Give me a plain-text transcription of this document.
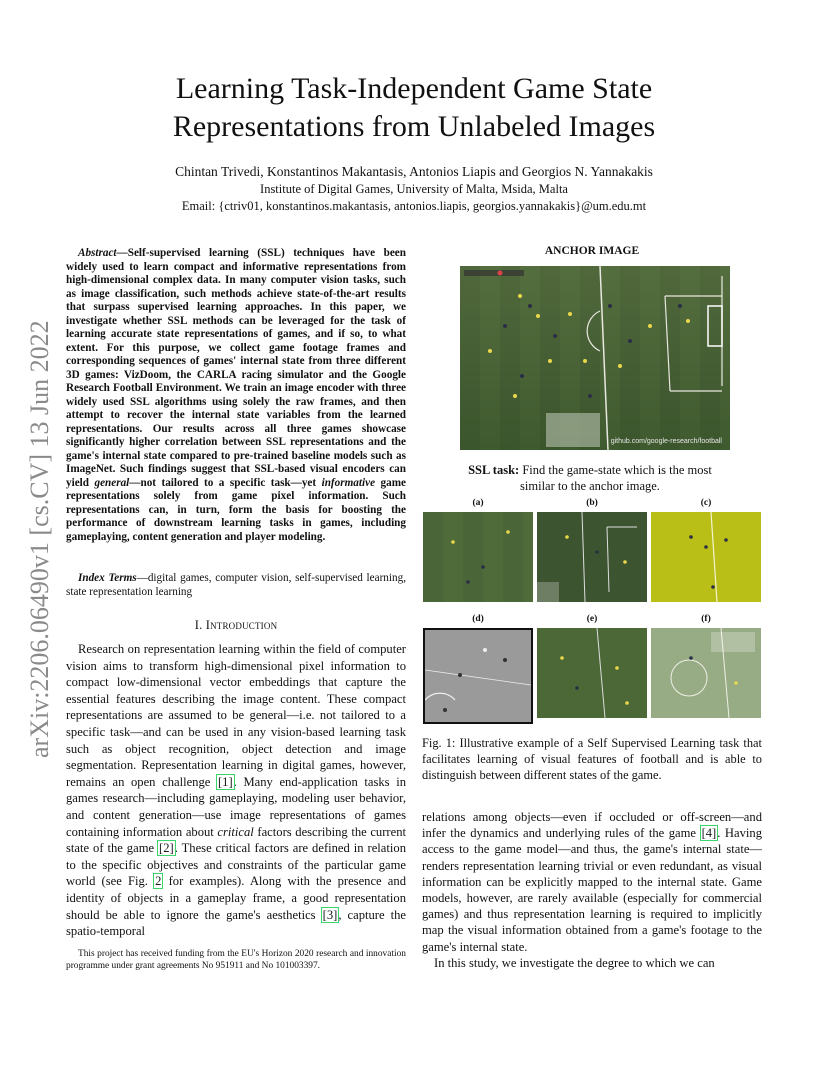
arXiv:2206.06490v1 [cs.CV] 13 Jun 2022
Learning Task-Independent Game State Representations from Unlabeled Images
Chintan Trivedi, Konstantinos Makantasis, Antonios Liapis and Georgios N. Yannakakis
Institute of Digital Games, University of Malta, Msida, Malta
Email: {ctriv01, konstantinos.makantasis, antonios.liapis, georgios.yannakakis}@um.edu.mt
Abstract—Self-supervised learning (SSL) techniques have been widely used to learn compact and informative representations from high-dimensional complex data. In many computer vision tasks, such as image classification, such methods achieve state-of-the-art results that surpass supervised learning approaches. In this paper, we investigate whether SSL methods can be leveraged for the task of learning accurate state representations of games, and if so, to what extent. For this purpose, we collect game footage frames and corresponding sequences of games' internal state from three different 3D games: VizDoom, the CARLA racing simulator and the Google Research Football Environment. We train an image encoder with three widely used SSL algorithms using solely the raw frames, and then attempt to recover the internal state variables from the learned representations. Our results across all three games showcase significantly higher correlation between SSL representations and the game's internal state compared to pre-trained baseline models such as ImageNet. Such findings suggest that SSL-based visual encoders can yield general—not tailored to a specific task—yet informative game representations solely from game pixel information. Such representations can, in turn, form the basis for boosting the performance of downstream learning tasks in games, including gameplaying, content generation and player modeling.
Index Terms—digital games, computer vision, self-supervised learning, state representation learning
I. Introduction
Research on representation learning within the field of computer vision aims to transform high-dimensional pixel information to compact low-dimensional vector embeddings that capture the essential features describing the image content. These compact representations are assumed to be general—i.e. not tailored to a specific task—and can be used in any vision-based learning task such as object recognition, object detection and image segmentation. Representation learning in digital games, however, remains an open challenge [1]. Many end-application tasks in games research—including gameplaying, modeling user behavior, and content generation—use image representations of games containing information about critical factors describing the current state of the game [2]. These critical factors are defined in relation to the specific objectives and constraints of the particular game world (see Fig. 2 for examples). Along with the presence and identity of objects in a gameplay frame, a good representation should be able to ignore the game's aesthetics [3], capture the spatio-temporal
This project has received funding from the EU's Horizon 2020 research and innovation programme under grant agreements No 951911 and No 101003397.
ANCHOR IMAGE
github.com/google-research/football
SSL task: Find the game-state which is the most similar to the anchor image.
(a)	(b)	(c)
(d)	(e)	(f)
Fig. 1: Illustrative example of a Self Supervised Learning task that facilitates learning of visual features of football and is able to distinguish between different states of the game.

relations among objects—even if occluded or off-screen—and infer the dynamics and underlying rules of the game [4]. Having access to the game model—and thus, the game's internal state—renders representation learning trivial or even redundant, as visual information can be explicitly mapped to the internal state. Game models, however, are rarely available (especially for commercial games) and thus representation learning is required to implicitly map the visual information obtained from a game's footage to the game's internal state.

In this study, we investigate the degree to which we can
